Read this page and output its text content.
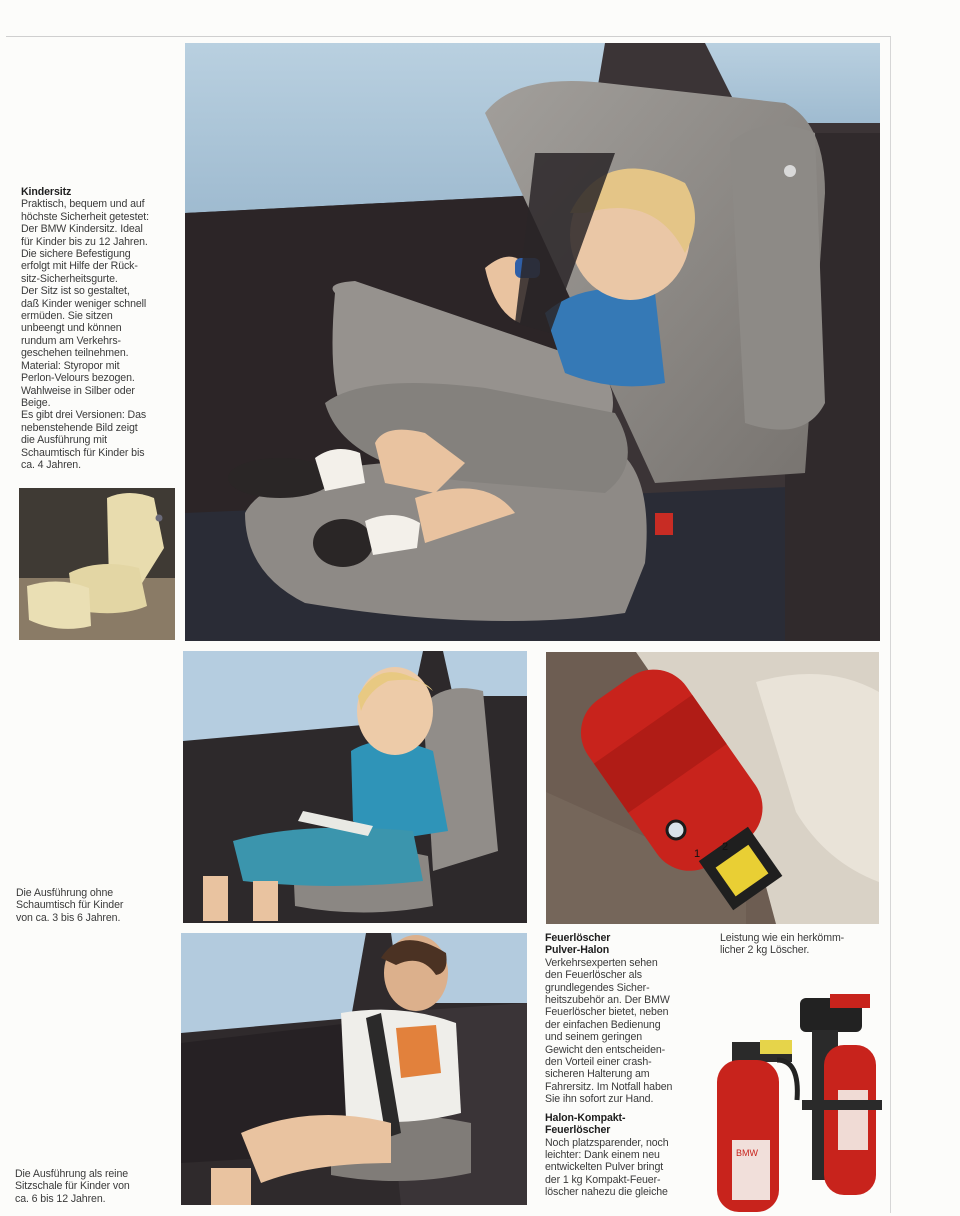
Kindersitz

Praktisch, bequem und auf
höchste Sicherheit getestet:
Der BMW Kindersitz. Ideal
für Kinder bis zu 12 Jahren.
Die sichere Befestigung
erfolgt mit Hilfe der Rück-
sitz-Sicherheitsgurte.
Der Sitz ist so gestaltet,
daß Kinder weniger schnell
ermüden. Sie sitzen
unbeengt und können
rundum am Verkehrs-
geschehen teilnehmen.
Material: Styropor mit
Perlon-Velours bezogen.
Wahlweise in Silber oder
Beige.
Es gibt drei Versionen: Das
nebenstehende Bild zeigt
die Ausführung mit
Schaumtisch für Kinder bis
ca. 4 Jahren.

1
2

Die Ausführung ohne
Schaumtisch für Kinder
von ca. 3 bis 6 Jahren.

Die Ausführung als reine
Sitzschale für Kinder von
ca. 6 bis 12 Jahren.

Feuerlöscher
Pulver-Halon

Verkehrsexperten sehen
den Feuerlöscher als
grundlegendes Sicher-
heitszubehör an. Der BMW
Feuerlöscher bietet, neben
der einfachen Bedienung
und seinem geringen
Gewicht den entscheiden-
den Vorteil einer crash-
sicheren Halterung am
Fahrersitz. Im Notfall haben
Sie ihn sofort zur Hand.

Halon-Kompakt-
Feuerlöscher

Noch platzsparender, noch
leichter: Dank einem neu
entwickelten Pulver bringt
der 1 kg Kompakt-Feuer-
löscher nahezu die gleiche

Leistung wie ein herkömm-
licher 2 kg Löscher.

BMW
